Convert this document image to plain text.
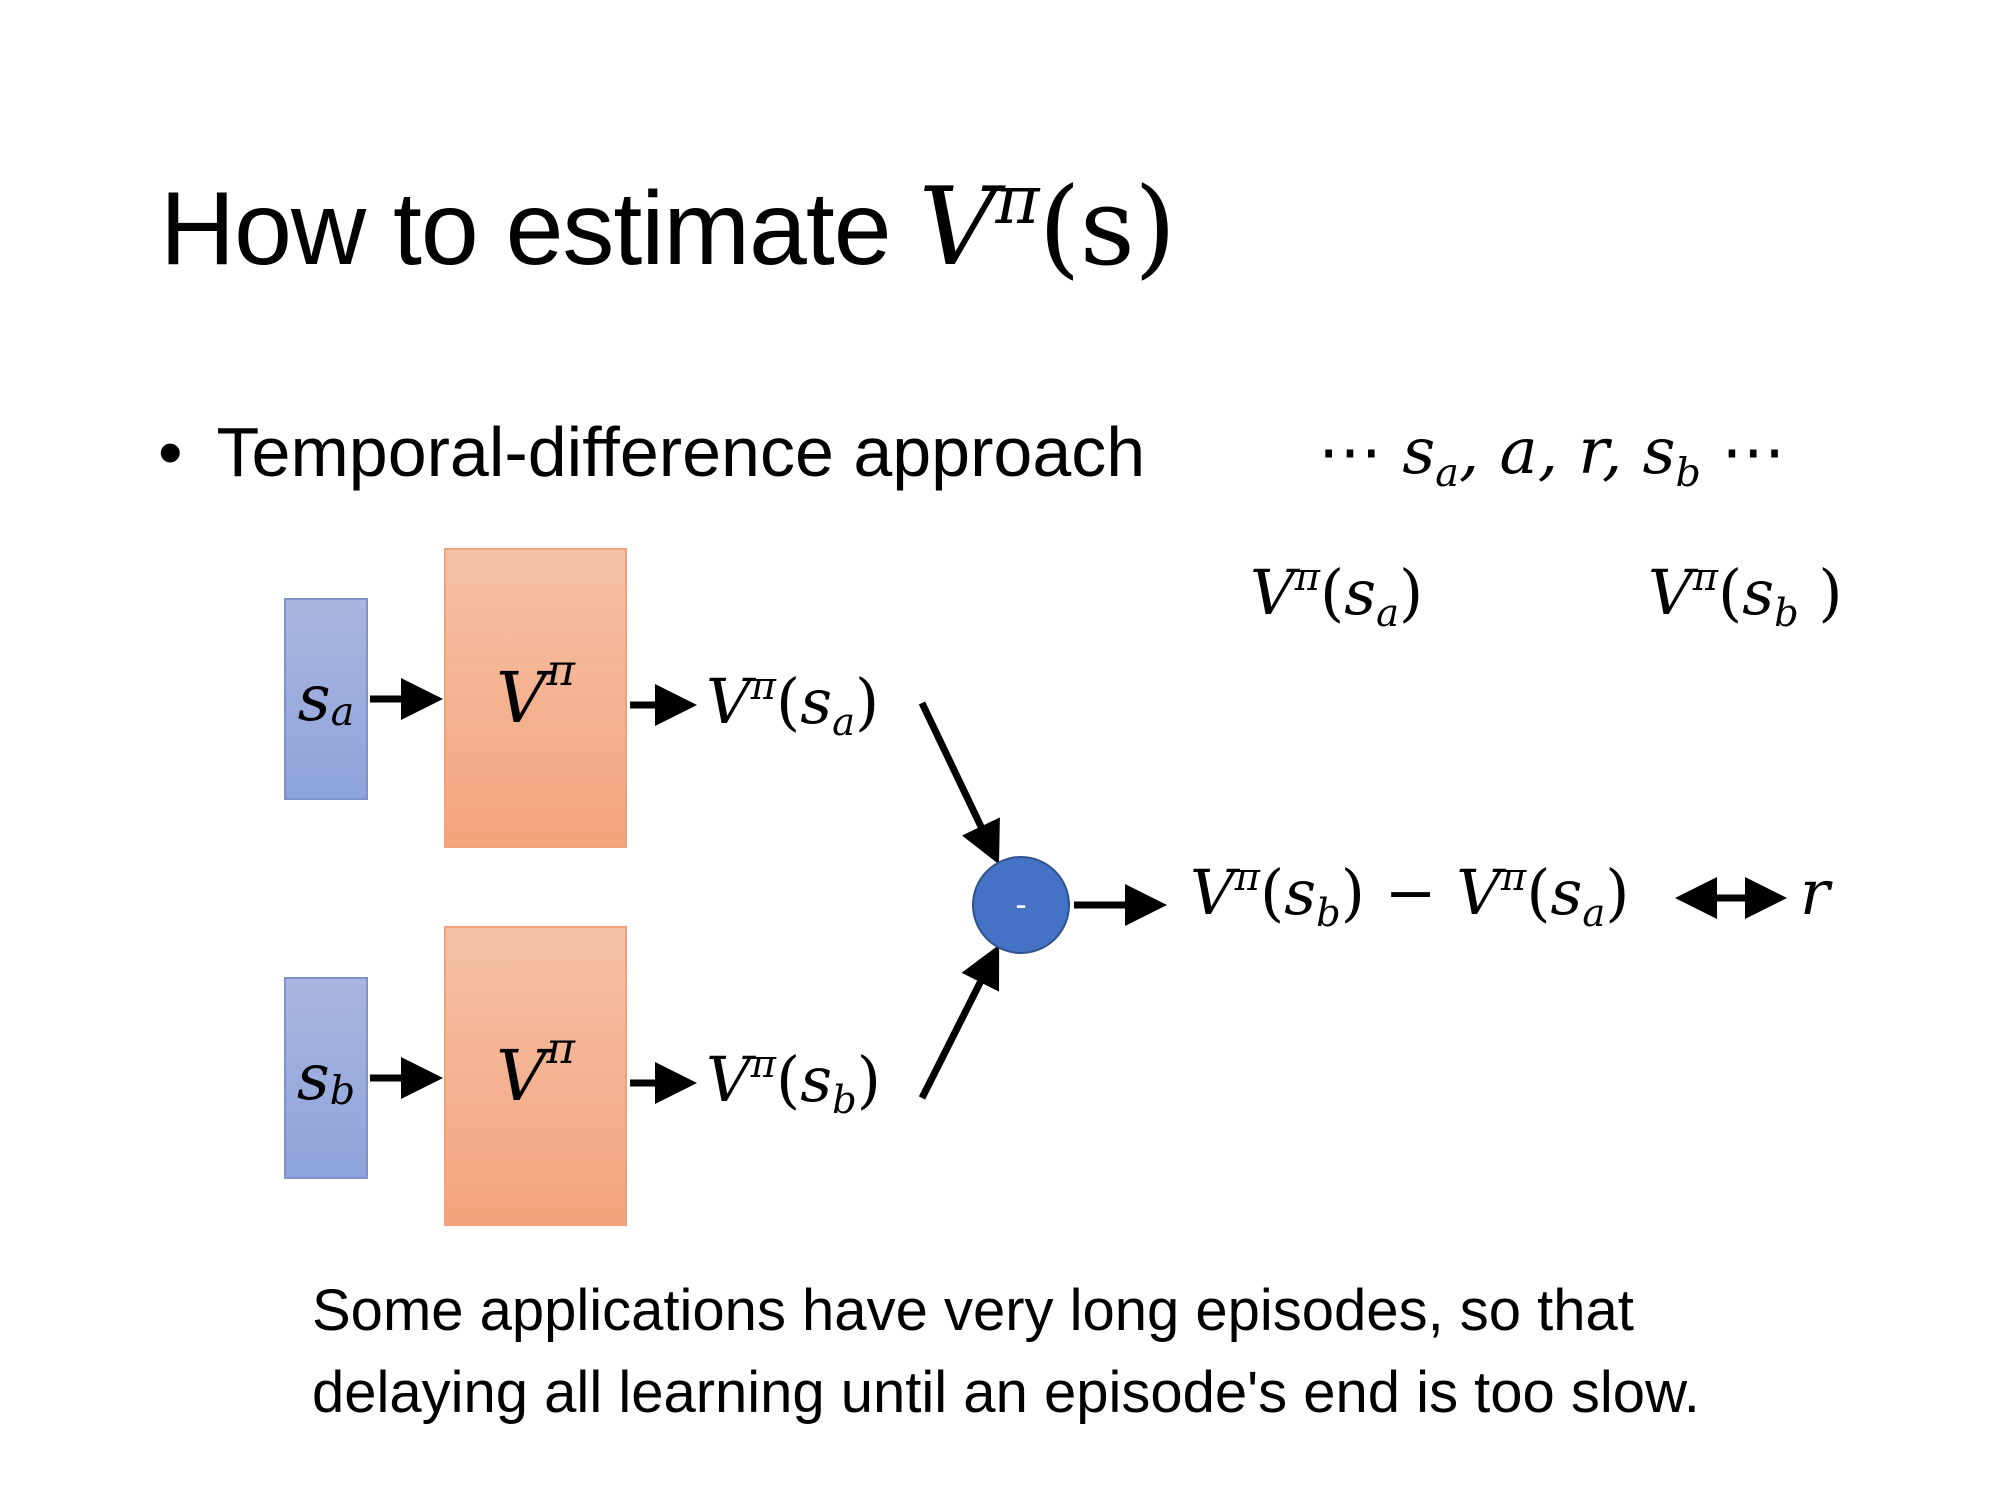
How to estimate $V^\pi(s)$
• Temporal-difference approach	⋯ sa, a, r, sb ⋯
$V^\pi(sa)$	$V^\pi(sb$ )
s a
s b
V π
V π
$V^\pi(sa)$
$V^\pi(sb)$
-	$V^\pi(sb) - V^\pi(sa)$	r
Some applications have very long episodes, so that
delaying all learning until an episode's end is too slow.
